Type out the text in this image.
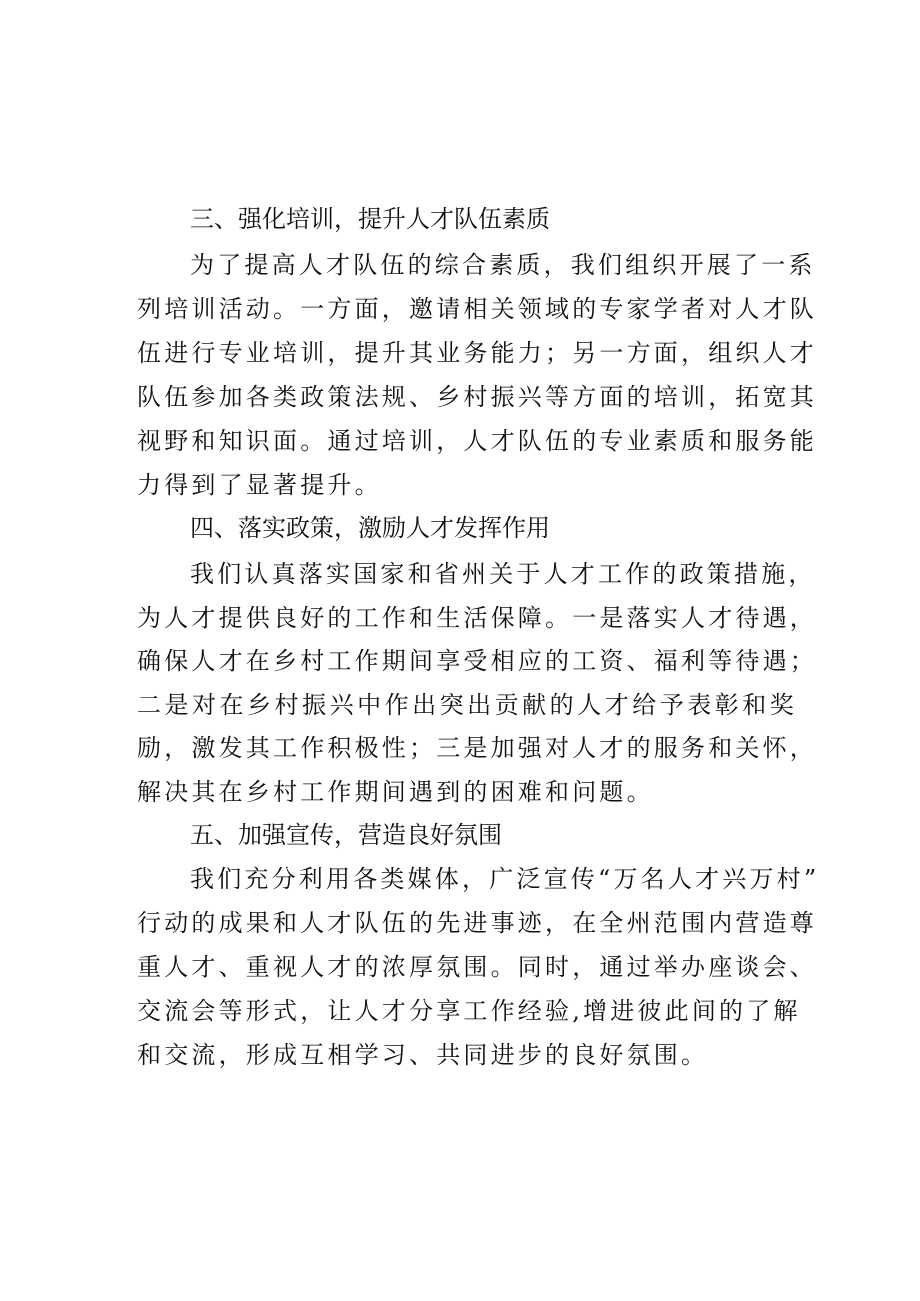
三、强化培训，提升人才队伍素质
为了提高人才队伍的综合素质，我们组织开展了一系
列培训活动。一方面，邀请相关领域的专家学者对人才队
伍进行专业培训，提升其业务能力；另一方面，组织人才
队伍参加各类政策法规、乡村振兴等方面的培训，拓宽其
视野和知识面。通过培训，人才队伍的专业素质和服务能
力得到了显著提升。
四、落实政策，激励人才发挥作用
我们认真落实国家和省州关于人才工作的政策措施，
为人才提供良好的工作和生活保障。一是落实人才待遇，
确保人才在乡村工作期间享受相应的工资、福利等待遇；
二是对在乡村振兴中作出突出贡献的人才给予表彰和奖
励，激发其工作积极性；三是加强对人才的服务和关怀，
解决其在乡村工作期间遇到的困难和问题。
五、加强宣传，营造良好氛围
我们充分利用各类媒体，广泛宣传“万名人才兴万村”
行动的成果和人才队伍的先进事迹，在全州范围内营造尊
重人才、重视人才的浓厚氛围。同时，通过举办座谈会、
交流会等形式，让人才分享工作经验,增进彼此间的了解
和交流，形成互相学习、共同进步的良好氛围。
